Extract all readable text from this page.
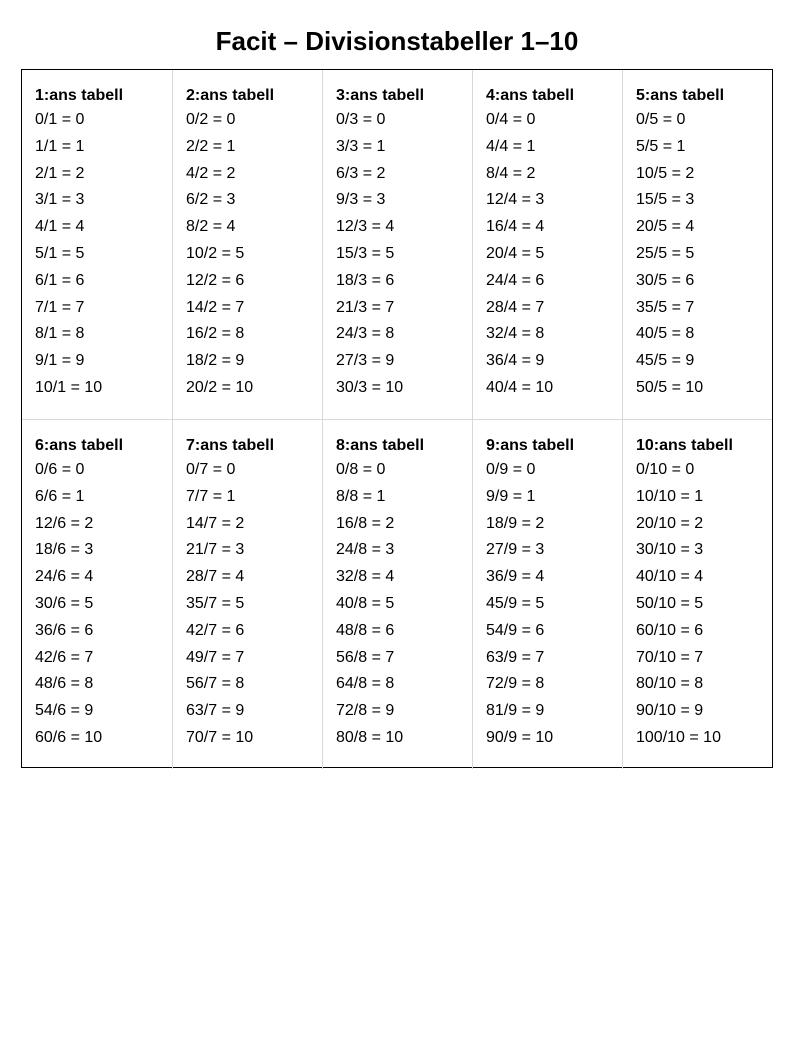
Facit – Divisionstabeller 1–10
1:ans tabell
0/1 = 0
1/1 = 1
2/1 = 2
3/1 = 3
4/1 = 4
5/1 = 5
6/1 = 6
7/1 = 7
8/1 = 8
9/1 = 9
10/1 = 10
2:ans tabell
0/2 = 0
2/2 = 1
4/2 = 2
6/2 = 3
8/2 = 4
10/2 = 5
12/2 = 6
14/2 = 7
16/2 = 8
18/2 = 9
20/2 = 10
3:ans tabell
0/3 = 0
3/3 = 1
6/3 = 2
9/3 = 3
12/3 = 4
15/3 = 5
18/3 = 6
21/3 = 7
24/3 = 8
27/3 = 9
30/3 = 10
4:ans tabell
0/4 = 0
4/4 = 1
8/4 = 2
12/4 = 3
16/4 = 4
20/4 = 5
24/4 = 6
28/4 = 7
32/4 = 8
36/4 = 9
40/4 = 10
5:ans tabell
0/5 = 0
5/5 = 1
10/5 = 2
15/5 = 3
20/5 = 4
25/5 = 5
30/5 = 6
35/5 = 7
40/5 = 8
45/5 = 9
50/5 = 10
6:ans tabell
0/6 = 0
6/6 = 1
12/6 = 2
18/6 = 3
24/6 = 4
30/6 = 5
36/6 = 6
42/6 = 7
48/6 = 8
54/6 = 9
60/6 = 10
7:ans tabell
0/7 = 0
7/7 = 1
14/7 = 2
21/7 = 3
28/7 = 4
35/7 = 5
42/7 = 6
49/7 = 7
56/7 = 8
63/7 = 9
70/7 = 10
8:ans tabell
0/8 = 0
8/8 = 1
16/8 = 2
24/8 = 3
32/8 = 4
40/8 = 5
48/8 = 6
56/8 = 7
64/8 = 8
72/8 = 9
80/8 = 10
9:ans tabell
0/9 = 0
9/9 = 1
18/9 = 2
27/9 = 3
36/9 = 4
45/9 = 5
54/9 = 6
63/9 = 7
72/9 = 8
81/9 = 9
90/9 = 10
10:ans tabell
0/10 = 0
10/10 = 1
20/10 = 2
30/10 = 3
40/10 = 4
50/10 = 5
60/10 = 6
70/10 = 7
80/10 = 8
90/10 = 9
100/10 = 10
